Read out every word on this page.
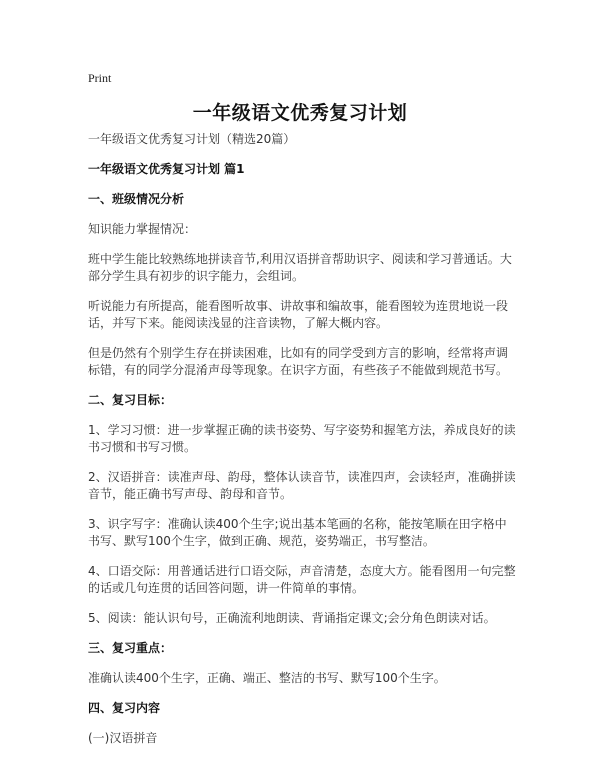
Print
一年级语文优秀复习计划

一年级语文优秀复习计划（精选20篇）

一年级语文优秀复习计划 篇1

一、班级情况分析

知识能力掌握情况：

班中学生能比较熟练地拼读音节,利用汉语拼音帮助识字、阅读和学习普通话。大部分学生具有初步的识字能力，会组词。

听说能力有所提高，能看图听故事、讲故事和编故事，能看图较为连贯地说一段话，并写下来。能阅读浅显的注音读物，了解大概内容。

但是仍然有个别学生存在拼读困难，比如有的同学受到方言的影响，经常将声调标错，有的同学分混淆声母等现象。在识字方面，有些孩子不能做到规范书写。

二、复习目标：

1、学习习惯：进一步掌握正确的读书姿势、写字姿势和握笔方法，养成良好的读书习惯和书写习惯。

2、汉语拼音：读准声母、韵母，整体认读音节，读准四声，会读轻声，准确拼读音节，能正确书写声母、韵母和音节。

3、识字写字：准确认读400个生字;说出基本笔画的名称，能按笔顺在田字格中书写、默写100个生字，做到正确、规范，姿势端正，书写整洁。

4、口语交际：用普通话进行口语交际，声音清楚，态度大方。能看图用一句完整的话或几句连贯的话回答问题，讲一件简单的事情。

5、阅读：能认识句号，正确流利地朗读、背诵指定课文;会分角色朗读对话。

三、复习重点：

准确认读400个生字，正确、端正、整洁的书写、默写100个生字。

四、复习内容

(一)汉语拼音
